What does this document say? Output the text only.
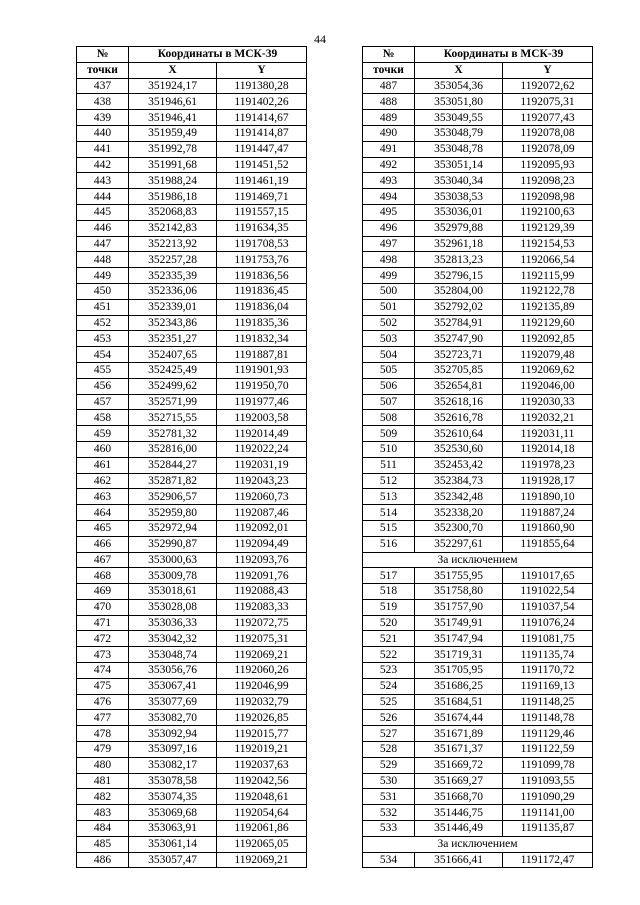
44
№	Координаты в МСК-39	
точки	X	Y
437	351924,17	1191380,28
438	351946,61	1191402,26
439	351946,41	1191414,67
440	351959,49	1191414,87
441	351992,78	1191447,47
442	351991,68	1191451,52
443	351988,24	1191461,19
444	351986,18	1191469,71
445	352068,83	1191557,15
446	352142,83	1191634,35
447	352213,92	1191708,53
448	352257,28	1191753,76
449	352335,39	1191836,56
450	352336,06	1191836,45
451	352339,01	1191836,04
452	352343,86	1191835,36
453	352351,27	1191832,34
454	352407,65	1191887,81
455	352425,49	1191901,93
456	352499,62	1191950,70
457	352571,99	1191977,46
458	352715,55	1192003,58
459	352781,32	1192014,49
460	352816,00	1192022,24
461	352844,27	1192031,19
462	352871,82	1192043,23
463	352906,57	1192060,73
464	352959,80	1192087,46
465	352972,94	1192092,01
466	352990,87	1192094,49
467	353000,63	1192093,76
468	353009,78	1192091,76
469	353018,61	1192088,43
470	353028,08	1192083,33
471	353036,33	1192072,75
472	353042,32	1192075,31
473	353048,74	1192069,21
474	353056,76	1192060,26
475	353067,41	1192046,99
476	353077,69	1192032,79
477	353082,70	1192026,85
478	353092,94	1192015,77
479	353097,16	1192019,21
480	353082,17	1192037,63
481	353078,58	1192042,56
482	353074,35	1192048,61
483	353069,68	1192054,64
484	353063,91	1192061,86
485	353061,14	1192065,05
486	353057,47	1192069,21
№	Координаты в МСК-39	
точки	X	Y
487	353054,36	1192072,62
488	353051,80	1192075,31
489	353049,55	1192077,43
490	353048,79	1192078,08
491	353048,78	1192078,09
492	353051,14	1192095,93
493	353040,34	1192098,23
494	353038,53	1192098,98
495	353036,01	1192100,63
496	352979,88	1192129,39
497	352961,18	1192154,53
498	352813,23	1192066,54
499	352796,15	1192115,99
500	352804,00	1192122,78
501	352792,02	1192135,89
502	352784,91	1192129,60
503	352747,90	1192092,85
504	352723,71	1192079,48
505	352705,85	1192069,62
506	352654,81	1192046,00
507	352618,16	1192030,33
508	352616,78	1192032,21
509	352610,64	1192031,11
510	352530,60	1192014,18
511	352453,42	1191978,23
512	352384,73	1191928,17
513	352342,48	1191890,10
514	352338,20	1191887,24
515	352300,70	1191860,90
516	352297,61	1191855,64
За исключением		
517	351755,95	1191017,65
518	351758,80	1191022,54
519	351757,90	1191037,54
520	351749,91	1191076,24
521	351747,94	1191081,75
522	351719,31	1191135,74
523	351705,95	1191170,72
524	351686,25	1191169,13
525	351684,51	1191148,25
526	351674,44	1191148,78
527	351671,89	1191129,46
528	351671,37	1191122,59
529	351669,72	1191099,78
530	351669,27	1191093,55
531	351668,70	1191090,29
532	351446,75	1191141,00
533	351446,49	1191135,87
За исключением		
534	351666,41	1191172,47
